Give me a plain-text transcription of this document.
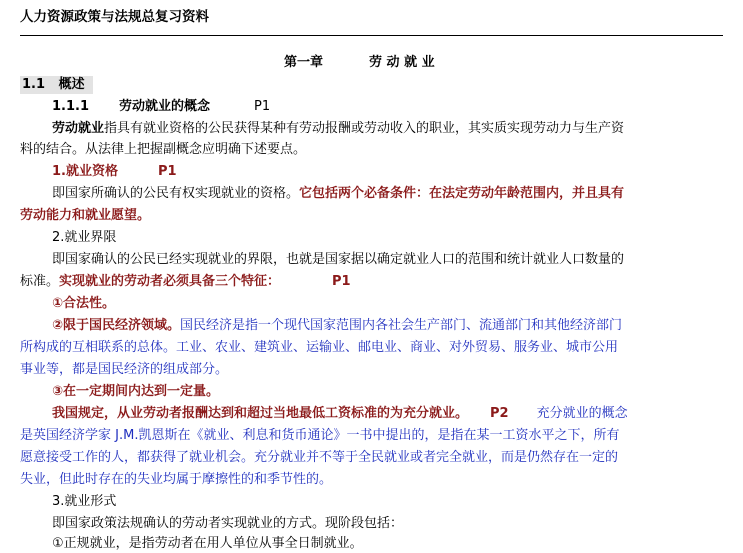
人力资源政策与法规总复习资料
第一章	劳 动 就 业
1.1 概述
1.1.1 劳动就业的概念	P1
劳动就业指具有就业资格的公民获得某种有劳动报酬或劳动收入的职业，其实质实现劳动力与生产资
料的结合。从法律上把握副概念应明确下述要点。
1.就业资格	P1
即国家所确认的公民有权实现就业的资格。它包括两个必备条件：在法定劳动年龄范围内，并且具有
劳动能力和就业愿望。
2.就业界限
即国家确认的公民已经实现就业的界限，也就是国家据以确定就业人口的范围和统计就业人口数量的
标准。实现就业的劳动者必须具备三个特征：	P1
①合法性。
②限于国民经济领域。国民经济是指一个现代国家范围内各社会生产部门、流通部门和其他经济部门
所构成的互相联系的总体。工业、农业、建筑业、运输业、邮电业、商业、对外贸易、服务业、城市公用
事业等，都是国民经济的组成部分。
③在一定期间内达到一定量。
我国规定，从业劳动者报酬达到和超过当地最低工资标准的为充分就业。 P2 充分就业的概念
是英国经济学家 J.M.凯恩斯在《就业、利息和货币通论》一书中提出的，是指在某一工资水平之下，所有
愿意接受工作的人，都获得了就业机会。充分就业并不等于全民就业或者完全就业，而是仍然存在一定的
失业，但此时存在的失业均属于摩擦性的和季节性的。
3.就业形式
即国家政策法规确认的劳动者实现就业的方式。现阶段包括：
①正规就业，是指劳动者在用人单位从事全日制就业。
